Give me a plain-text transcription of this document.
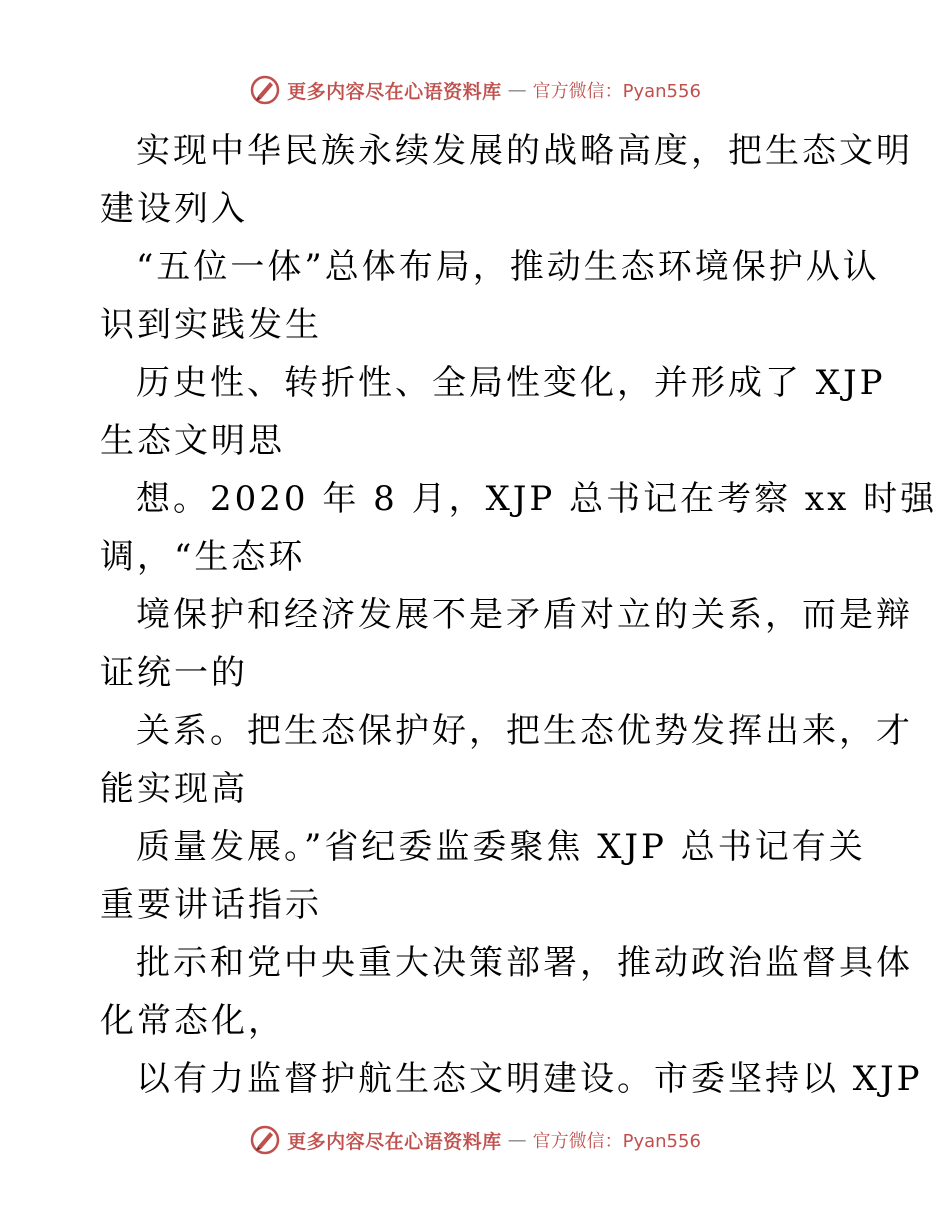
更多内容尽在心语资料库 — 官方微信：Pyan556
实现中华民族永续发展的战略高度，把生态文明
建设列入
“五位一体”总体布局，推动生态环境保护从认
识到实践发生
历史性、转折性、全局性变化，并形成了 XJP
生态文明思
想。2020 年 8 月，XJP 总书记在考察 xx 时强
调，“生态环
境保护和经济发展不是矛盾对立的关系，而是辩
证统一的
关系。把生态保护好，把生态优势发挥出来，才
能实现高
质量发展。”省纪委监委聚焦 XJP 总书记有关
重要讲话指示
批示和党中央重大决策部署，推动政治监督具体
化常态化，
以有力监督护航生态文明建设。市委坚持以 XJP
更多内容尽在心语资料库 — 官方微信：Pyan556
